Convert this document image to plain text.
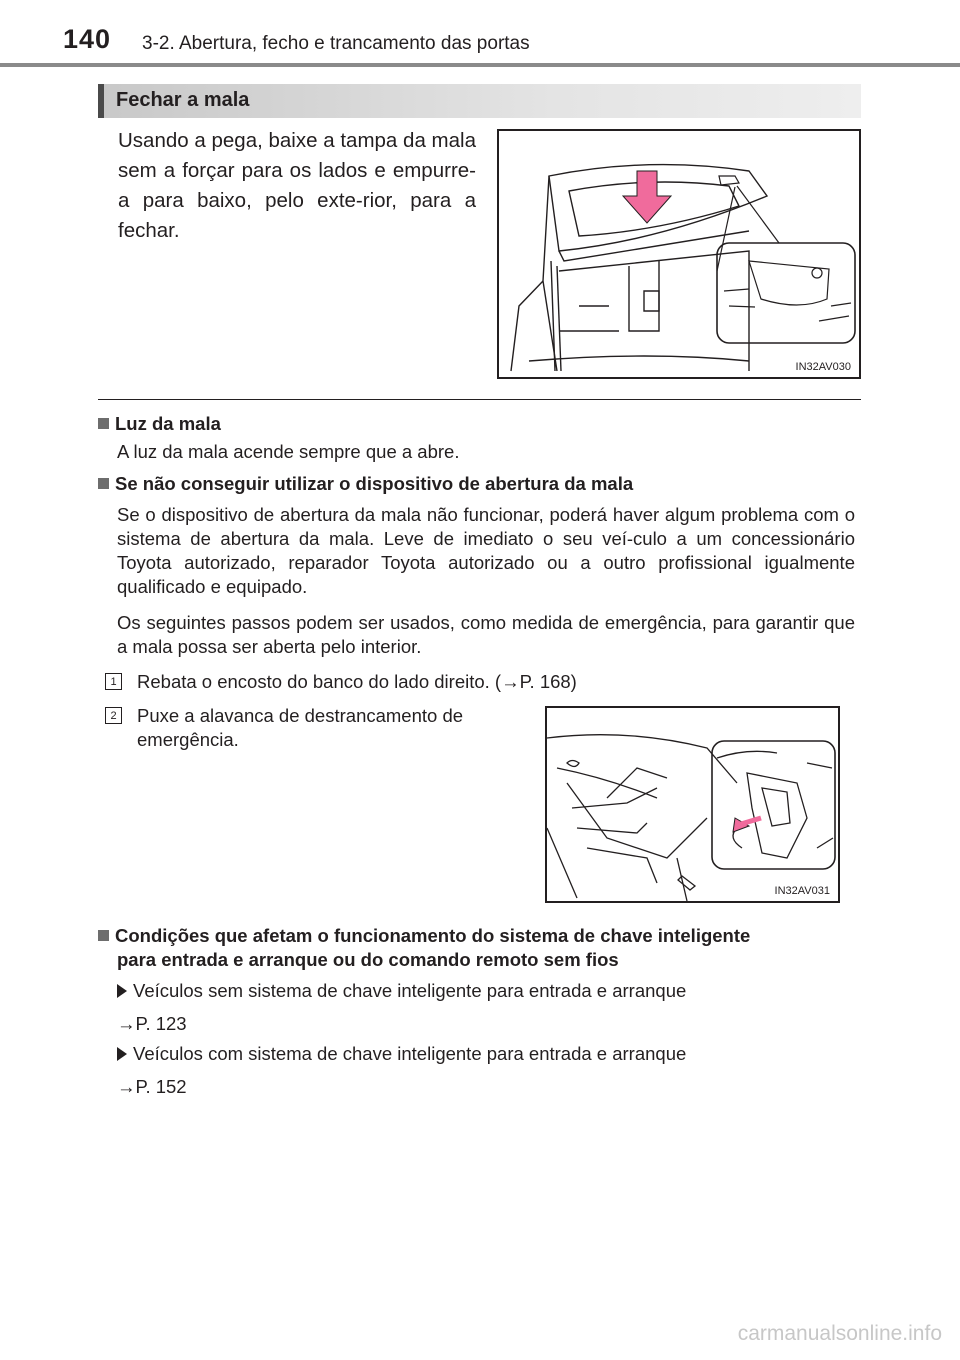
140 3-2. Abertura, fecho e trancamento das portas
Fechar a mala
Usando a pega, baixe a tampa da mala sem a forçar para os lados e empurre-a para baixo, pelo exte-rior, para a fechar.
IN32AV030
Luz da mala
A luz da mala acende sempre que a abre.
Se não conseguir utilizar o dispositivo de abertura da mala
Se o dispositivo de abertura da mala não funcionar, poderá haver algum problema com o sistema de abertura da mala. Leve de imediato o seu veí-culo a um concessionário Toyota autorizado, reparador Toyota autorizado ou a outro profissional igualmente qualificado e equipado.
Os seguintes passos podem ser usados, como medida de emergência, para garantir que a mala possa ser aberta pelo interior.
1 Rebata o encosto do banco do lado direito. (→P. 168)
2 Puxe a alavanca de destrancamento de emergência.
IN32AV031
Condições que afetam o funcionamento do sistema de chave inteligente
para entrada e arranque ou do comando remoto sem fios
Veículos sem sistema de chave inteligente para entrada e arranque
→P. 123
Veículos com sistema de chave inteligente para entrada e arranque
→P. 152
carmanualsonline.info
